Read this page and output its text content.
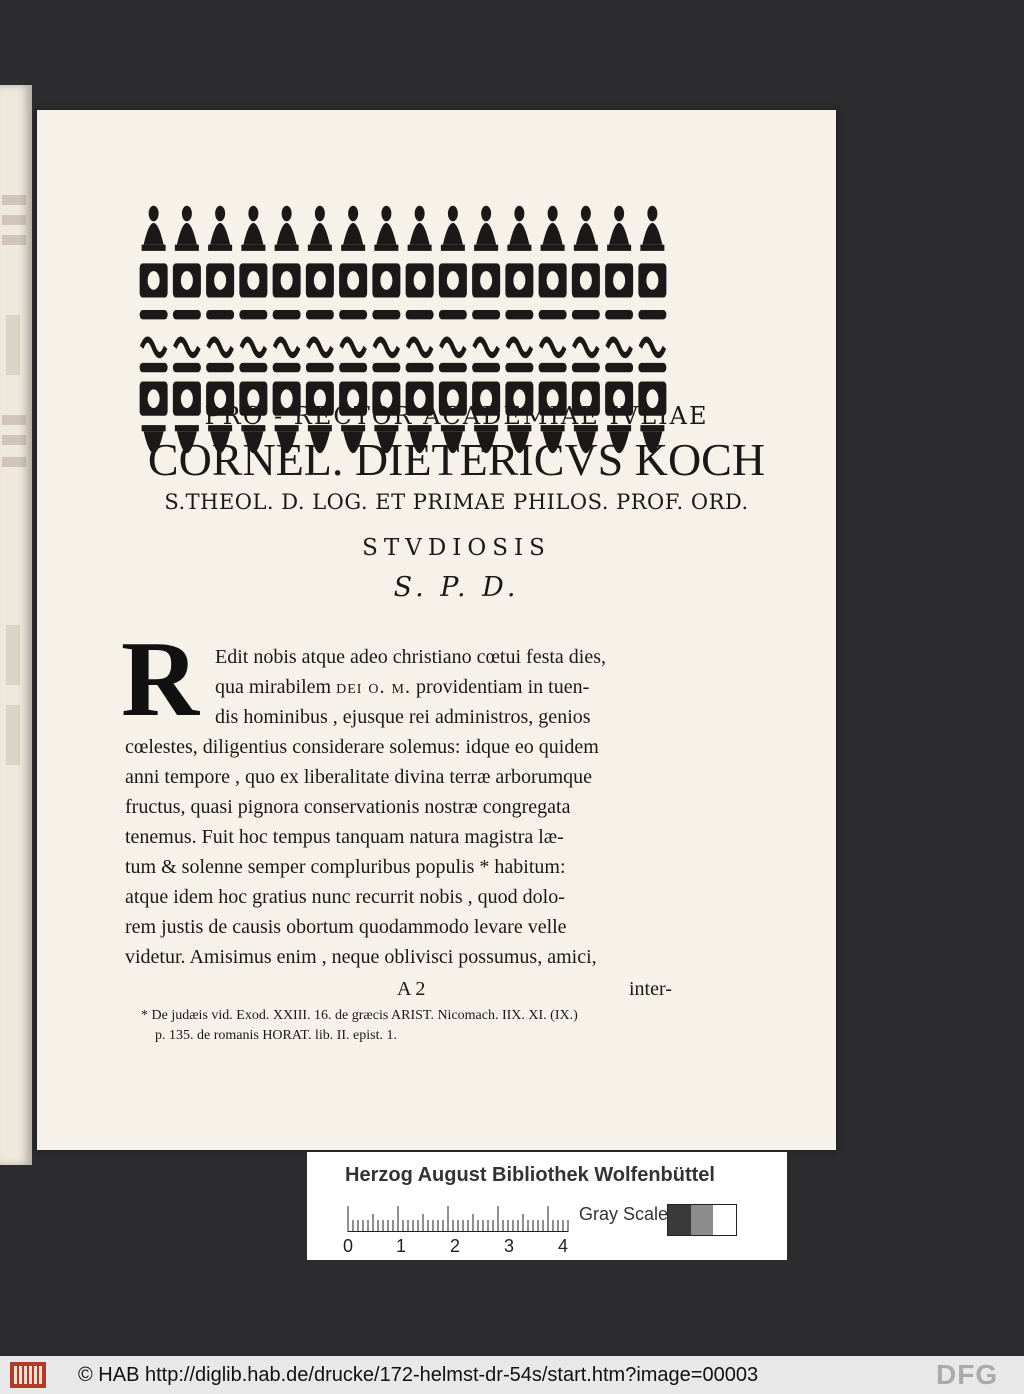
PRO - RECTOR ACADEMIAE IVLIAE
CORNEL. DIETERICVS KOCH
S.THEOL. D. LOG. ET PRIMAE PHILOS. PROF. ORD.
STVDIOSIS
S. P. D.
R Edit nobis atque adeo christiano cœtui festa dies,
qua mirabilem dei o. m. providentiam in tuen-
dis hominibus , ejusque rei administros, genios
cœlestes, diligentius considerare solemus: idque eo quidem
anni tempore , quo ex liberalitate divina terræ arborumque
fructus, quasi pignora conservationis nostræ congregata
tenemus. Fuit hoc tempus tanquam natura magistra læ-
tum & solenne semper compluribus populis * habitum:
atque idem hoc gratius nunc recurrit nobis , quod dolo-
rem justis de causis obortum quodammodo levare velle
videtur. Amisimus enim , neque oblivisci possumus, amici,
A 2	inter-
* De judæis vid. Exod. XXIII. 16. de græcis ARIST. Nicomach. IIX. XI. (IX.)
p. 135. de romanis HORAT. lib. II. epist. 1.
Herzog August Bibliothek Wolfenbüttel
0 1 2 3 4
Gray Scale
© HAB http://diglib.hab.de/drucke/172-helmst-dr-54s/start.htm?image=00003	DFG
